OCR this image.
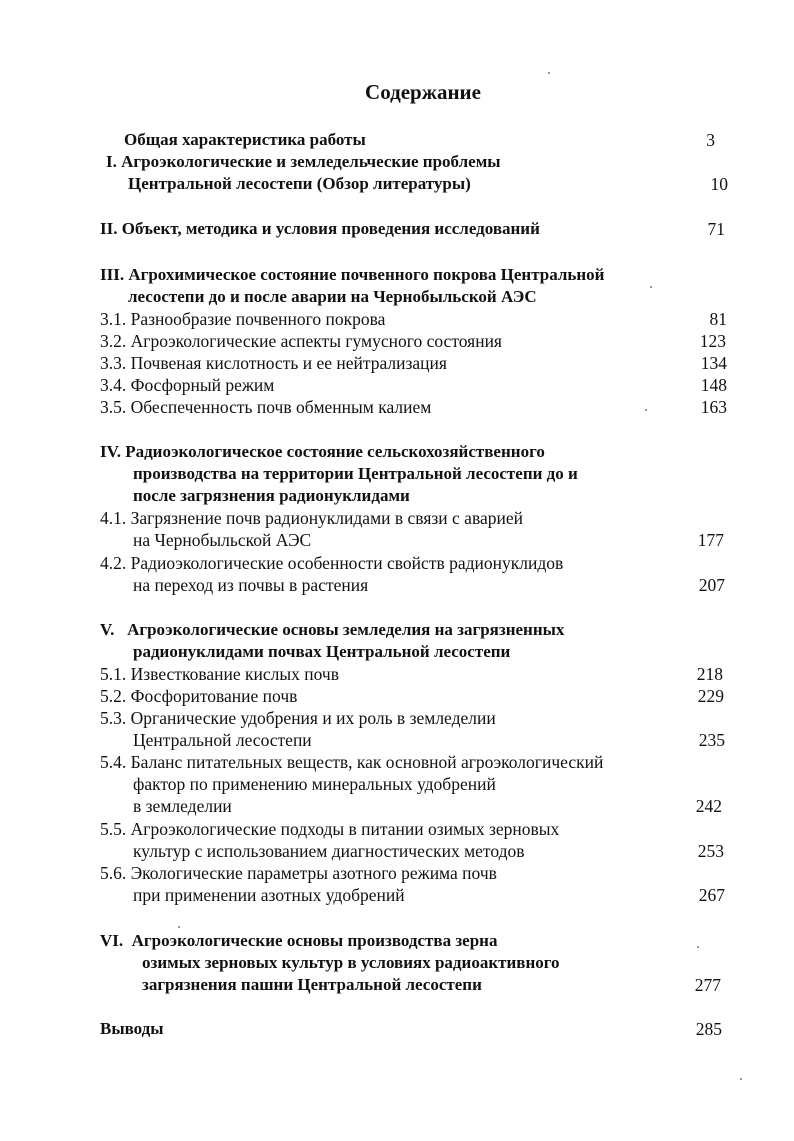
Содержание
Общая характеристика работы	3
I. Агроэкологические и земледельческие проблемы
Центральной лесостепи (Обзор литературы)	10
II. Объект, методика и условия проведения исследований	71
III. Агрохимическое состояние почвенного покрова Центральной
лесостепи до и после аварии на Чернобыльской АЭС
3.1. Разнообразие почвенного покрова	81
3.2. Агроэкологические аспекты гумусного состояния	123
3.3. Почвеная кислотность и ее нейтрализация	134
3.4. Фосфорный режим	148
3.5. Обеспеченность почв обменным калием	163
IV. Радиоэкологическое состояние сельскохозяйственного
производства на территории Центральной лесостепи до и
после загрязнения радионуклидами
4.1. Загрязнение почв радионуклидами в связи с аварией
на Чернобыльской АЭС	177
4.2. Радиоэкологические особенности свойств радионуклидов
на переход из почвы в растения	207
V.   Агроэкологические основы земледелия на загрязненных
радионуклидами почвах Центральной лесостепи
5.1. Известкование кислых почв	218
5.2. Фосфоритование почв	229
5.3. Органические удобрения и их роль в земледелии
Центральной лесостепи	235
5.4. Баланс питательных веществ, как основной агроэкологический
фактор по применению минеральных удобрений
в земледелии	242
5.5. Агроэкологические подходы в питании озимых зерновых
культур с использованием диагностических методов	253
5.6. Экологические параметры азотного режима почв
при применении азотных удобрений	267
VI.  Агроэкологические основы производства зерна
озимых зерновых культур в условиях радиоактивного
загрязнения пашни Центральной лесостепи	277
Выводы	285
